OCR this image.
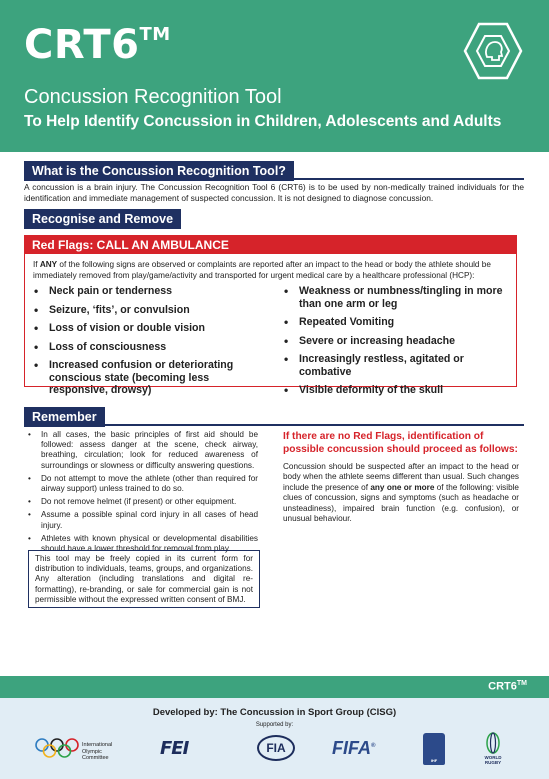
CRT6™
Concussion Recognition Tool
To Help Identify Concussion in Children, Adolescents and Adults
What is the Concussion Recognition Tool?
A concussion is a brain injury. The Concussion Recognition Tool 6 (CRT6) is to be used by non-medically trained individuals for the identification and immediate management of suspected concussion. It is not designed to diagnose concussion.
Recognise and Remove
Red Flags: CALL AN AMBULANCE
If ANY of the following signs are observed or complaints are reported after an impact to the head or body the athlete should be immediately removed from play/game/activity and transported for urgent medical care by a healthcare professional (HCP):
• Neck pain or tenderness
• Seizure, ‘fits’, or convulsion
• Loss of vision or double vision
• Loss of consciousness
• Increased confusion or deteriorating conscious state (becoming less responsive, drowsy)
• Weakness or numbness/tingling in more than one arm or leg
• Repeated Vomiting
• Severe or increasing headache
• Increasingly restless, agitated or combative
• Visible deformity of the skull
Remember
• In all cases, the basic principles of first aid should be followed: assess danger at the scene, check airway, breathing, circulation; look for reduced awareness of surroundings or slowness or difficulty answering questions.
• Do not attempt to move the athlete (other than required for airway support) unless trained to do so.
• Do not remove helmet (if present) or other equipment.
• Assume a possible spinal cord injury in all cases of head injury.
• Athletes with known physical or developmental disabilities should have a lower threshold for removal from play.
If there are no Red Flags, identification of possible concussion should proceed as follows:
Concussion should be suspected after an impact to the head or body when the athlete seems different than usual. Such changes include the presence of any one or more of the following: visible clues of concussion, signs and symptoms (such as headache or unsteadiness), impaired brain function (e.g. confusion), or unusual behaviour.
This tool may be freely copied in its current form for distribution to individuals, teams, groups, and organizations. Any alteration (including translations and digital re-formatting), re-branding, or sale for commercial gain is not permissible without the expressed written consent of BMJ.
CRT6™
Developed by: The Concussion in Sport Group (CISG)
Supported by:
International
Olympic
Committee	FEI	FIA	FIFA®
IHF
WORLD
RUGBY
